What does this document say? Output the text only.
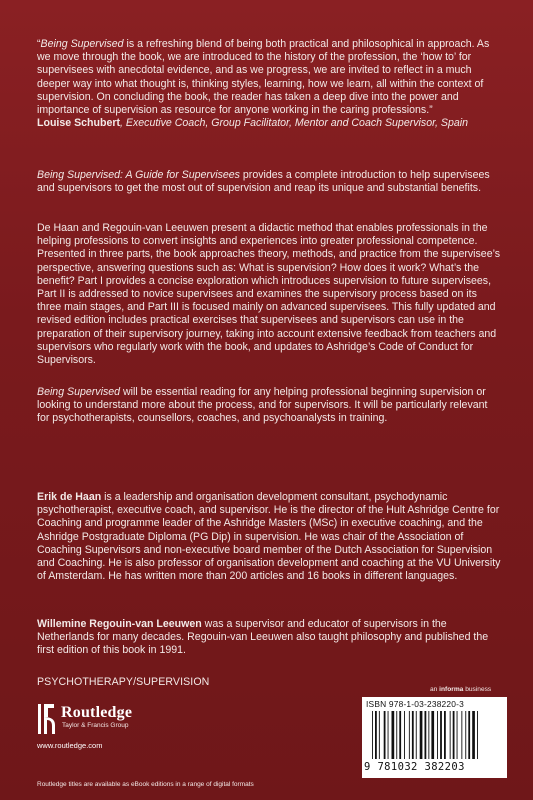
“Being Supervised is a refreshing blend of being both practical and philosophical in approach. As we move through the book, we are introduced to the history of the profession, the ‘how to’ for supervisees with anecdotal evidence, and as we progress, we are invited to reflect in a much deeper way into what thought is, thinking styles, learning, how we learn, all within the context of supervision. On concluding the book, the reader has taken a deep dive into the power and importance of supervision as resource for anyone working in the caring professions.”

Louise Schubert, Executive Coach, Group Facilitator, Mentor and Coach Supervisor, Spain

Being Supervised: A Guide for Supervisees provides a complete introduction to help supervisees and supervisors to get the most out of supervision and reap its unique and substantial benefits.

De Haan and Regouin-van Leeuwen present a didactic method that enables professionals in the helping professions to convert insights and experiences into greater professional competence. Presented in three parts, the book approaches theory, methods, and practice from the supervisee’s perspective, answering questions such as: What is supervision? How does it work? What’s the benefit? Part I provides a concise exploration which introduces supervision to future supervisees, Part II is addressed to novice supervisees and examines the supervisory process based on its three main stages, and Part III is focused mainly on advanced supervisees. This fully updated and revised edition includes practical exercises that supervisees and supervisors can use in the preparation of their supervisory journey, taking into account extensive feedback from teachers and supervisors who regularly work with the book, and updates to Ashridge’s Code of Conduct for Supervisors.

Being Supervised will be essential reading for any helping professional beginning supervision or looking to understand more about the process, and for supervisors. It will be particularly relevant for psychotherapists, counsellors, coaches, and psychoanalysts in training.

Erik de Haan is a leadership and organisation development consultant, psychodynamic psychotherapist, executive coach, and supervisor. He is the director of the Hult Ashridge Centre for Coaching and programme leader of the Ashridge Masters (MSc) in executive coaching, and the Ashridge Postgraduate Diploma (PG Dip) in supervision. He was chair of the Association of Coaching Supervisors and non-executive board member of the Dutch Association for Supervision and Coaching. He is also professor of organisation development and coaching at the VU University of Amsterdam. He has written more than 200 articles and 16 books in different languages.

Willemine Regouin-van Leeuwen was a supervisor and educator of supervisors in the Netherlands for many decades. Regouin-van Leeuwen also taught philosophy and published the first edition of this book in 1991.

PSYCHOTHERAPY/SUPERVISION
Routledge
Taylor & Francis Group
www.routledge.com
an informa business
ISBN 978-1-03-238220-3
9 781032 382203
Routledge titles are available as eBook editions in a range of digital formats
